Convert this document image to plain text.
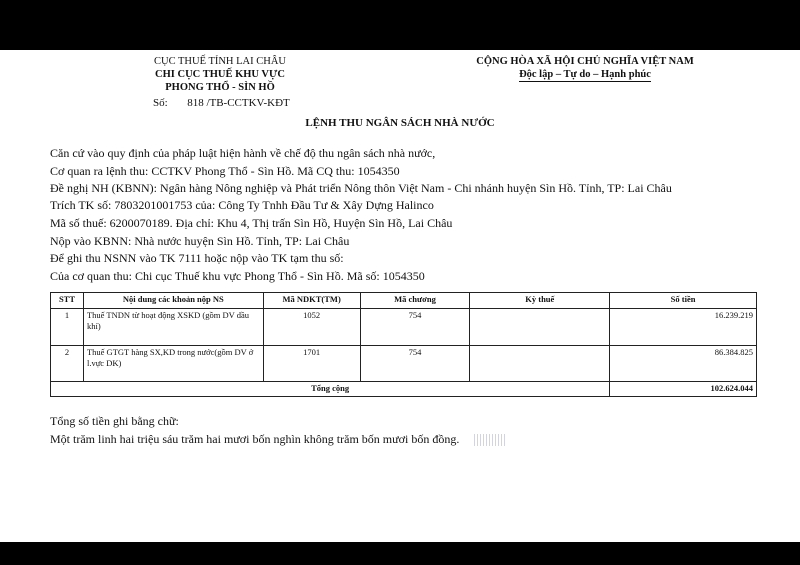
CỤC THUẾ TỈNH LAI CHÂU
CHI CỤC THUẾ KHU VỰC
PHONG THỔ - SÌN HỒ
Số: 818 /TB-CCTKV-KĐT
CỘNG HÒA XÃ HỘI CHỦ NGHĨA VIỆT NAM
Độc lập – Tự do – Hạnh phúc
LỆNH THU NGÂN SÁCH NHÀ NƯỚC
Căn cứ vào quy định của pháp luật hiện hành về chế độ thu ngân sách nhà nước,
Cơ quan ra lệnh thu: CCTKV Phong Thổ - Sìn Hồ. Mã CQ thu: 1054350
Đề nghị NH (KBNN): Ngân hàng Nông nghiệp và Phát triển Nông thôn Việt Nam - Chi nhánh huyện Sìn Hồ. Tỉnh, TP: Lai Châu
Trích TK số: 7803201001753 của: Công Ty Tnhh Đầu Tư & Xây Dựng Halinco
Mã số thuế: 6200070189. Địa chỉ: Khu 4, Thị trấn Sìn Hồ, Huyện Sìn Hồ, Lai Châu
Nộp vào KBNN: Nhà nước huyện Sìn Hồ. Tỉnh, TP: Lai Châu
Để ghi thu NSNN vào TK 7111 hoặc nộp vào TK tạm thu số:
Của cơ quan thu: Chi cục Thuế khu vực Phong Thổ - Sìn Hồ. Mã số: 1054350
STT	Nội dung các khoản nộp NS	Mã NDKT(TM)	Mã chương	Kỳ thuế	Số tiền
1	Thuế TNDN từ hoạt động XSKD (gồm DV dầu khí)	1052	754		16.239.219
2	Thuế GTGT hàng SX,KD trong nước(gồm DV ở l.vực DK)	1701	754		86.384.825
Tổng cộng					102.624.044
Tổng số tiền ghi bằng chữ:
Một trăm linh hai triệu sáu trăm hai mươi bốn nghìn không trăm bốn mươi bốn đồng.
